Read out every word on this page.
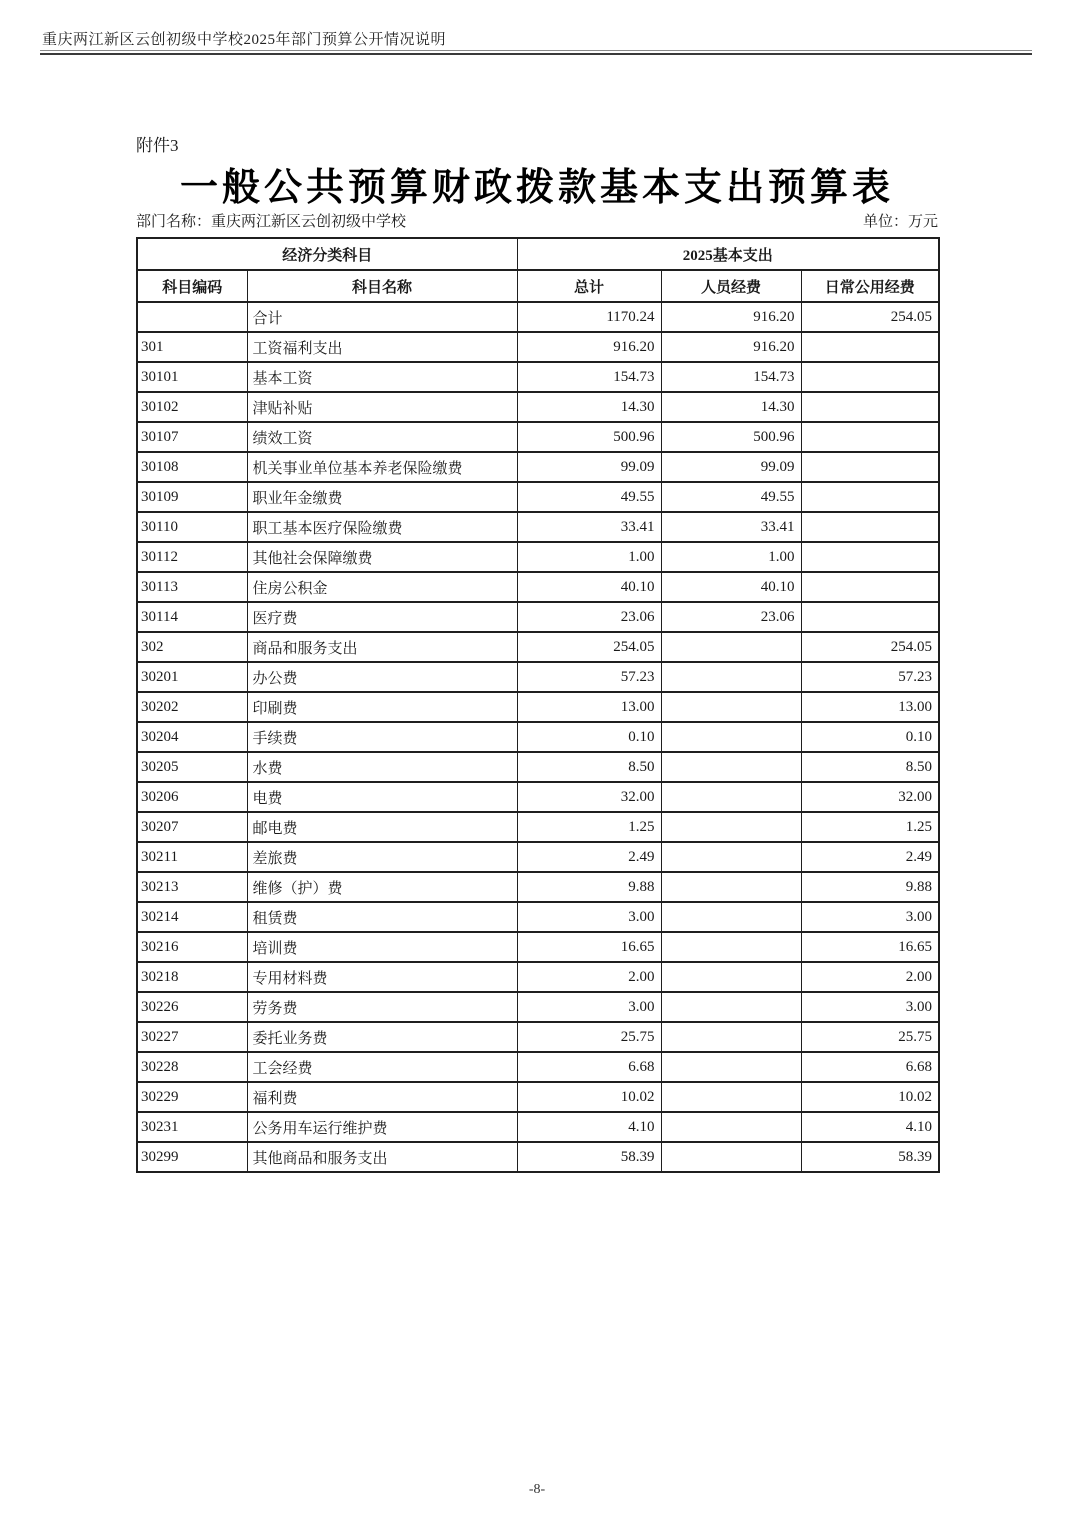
重庆两江新区云创初级中学校2025年部门预算公开情况说明
附件3
一般公共预算财政拨款基本支出预算表
部门名称：重庆两江新区云创初级中学校	单位：万元
经济分类科目		2025基本支出		
科目编码	科目名称	总计	人员经费	日常公用经费
	合计	1170.24	916.20	254.05
301	工资福利支出	916.20	916.20	
30101	基本工资	154.73	154.73	
30102	津贴补贴	14.30	14.30	
30107	绩效工资	500.96	500.96	
30108	机关事业单位基本养老保险缴费	99.09	99.09	
30109	职业年金缴费	49.55	49.55	
30110	职工基本医疗保险缴费	33.41	33.41	
30112	其他社会保障缴费	1.00	1.00	
30113	住房公积金	40.10	40.10	
30114	医疗费	23.06	23.06	
302	商品和服务支出	254.05		254.05
30201	办公费	57.23		57.23
30202	印刷费	13.00		13.00
30204	手续费	0.10		0.10
30205	水费	8.50		8.50
30206	电费	32.00		32.00
30207	邮电费	1.25		1.25
30211	差旅费	2.49		2.49
30213	维修（护）费	9.88		9.88
30214	租赁费	3.00		3.00
30216	培训费	16.65		16.65
30218	专用材料费	2.00		2.00
30226	劳务费	3.00		3.00
30227	委托业务费	25.75		25.75
30228	工会经费	6.68		6.68
30229	福利费	10.02		10.02
30231	公务用车运行维护费	4.10		4.10
30299	其他商品和服务支出	58.39		58.39
-8-
